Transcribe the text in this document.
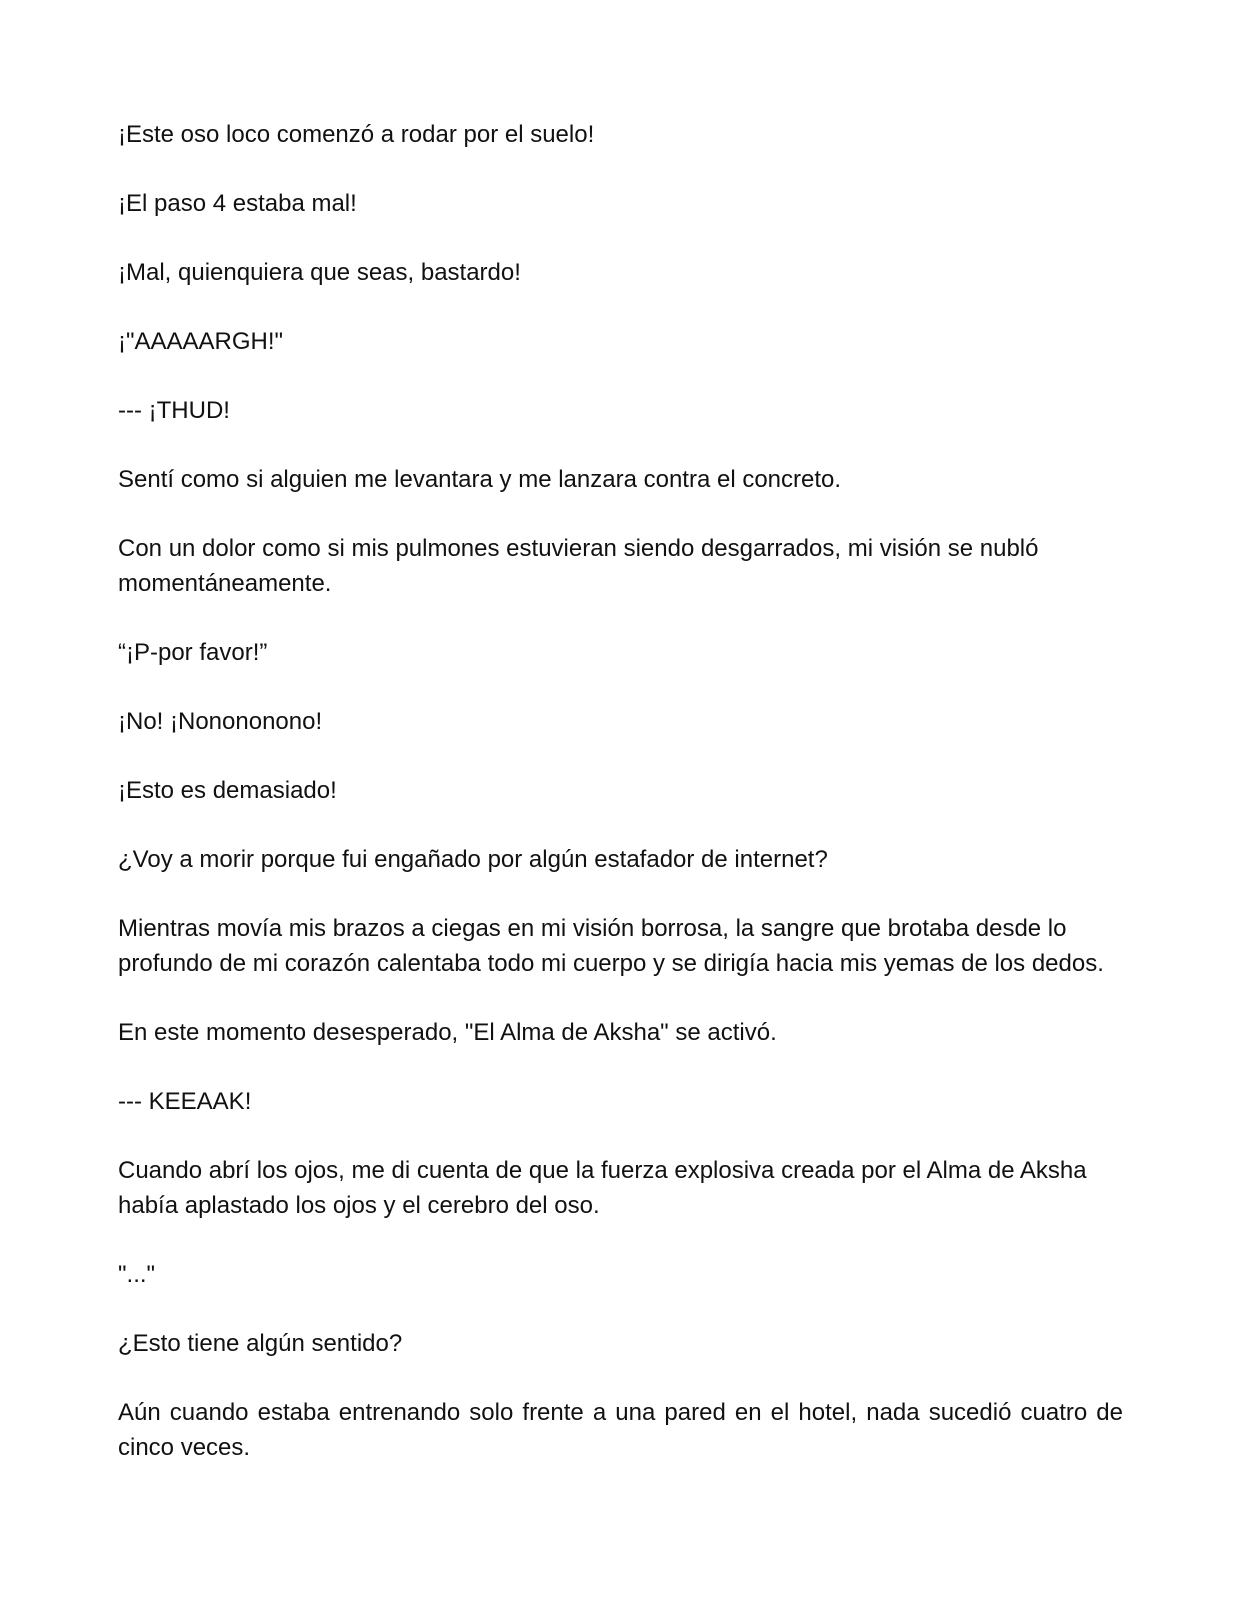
¡Este oso loco comenzó a rodar por el suelo!

¡El paso 4 estaba mal!

¡Mal, quienquiera que seas, bastardo!

¡"AAAAARGH!"

--- ¡THUD!

Sentí como si alguien me levantara y me lanzara contra el concreto.

Con un dolor como si mis pulmones estuvieran siendo desgarrados, mi visión se nubló momentáneamente.

“¡P-por favor!”

¡No! ¡Nonononono!

¡Esto es demasiado!

¿Voy a morir porque fui engañado por algún estafador de internet?

Mientras movía mis brazos a ciegas en mi visión borrosa, la sangre que brotaba desde lo profundo de mi corazón calentaba todo mi cuerpo y se dirigía hacia mis yemas de los dedos.

En este momento desesperado, "El Alma de Aksha" se activó.

--- KEEAAK!

Cuando abrí los ojos, me di cuenta de que la fuerza explosiva creada por el Alma de Aksha había aplastado los ojos y el cerebro del oso.

"..."

¿Esto tiene algún sentido?

Aún cuando estaba entrenando solo frente a una pared en el hotel, nada sucedió cuatro de cinco veces.
